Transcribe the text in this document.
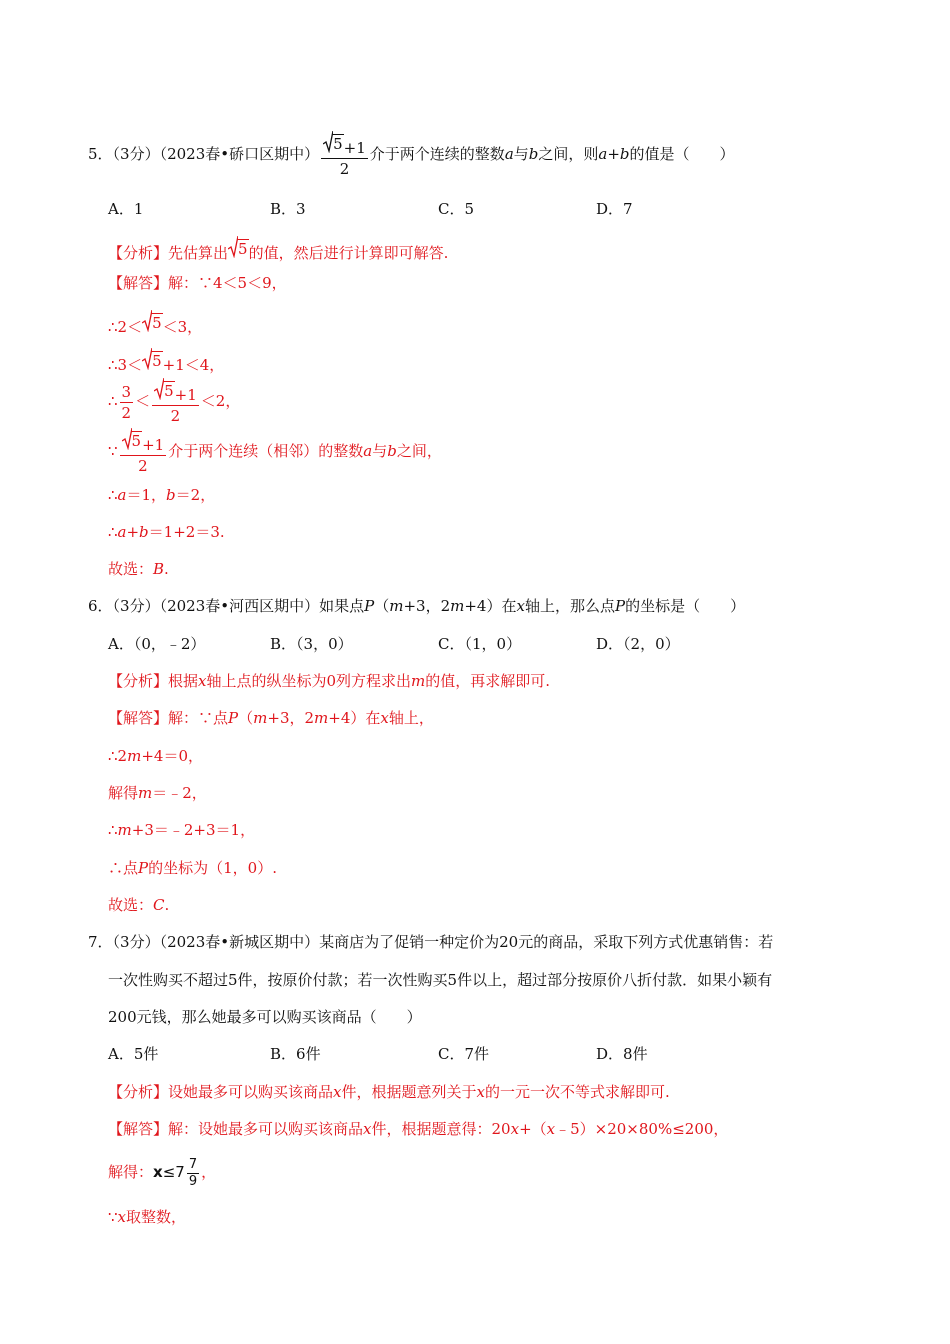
5．（3分）（2023春•硚口区期中） $\frac{5 +1}{2}$ 介于两个连续的整数a与b之间，则a+b的值是（　　）
A．1	B．3	C．5	D．7
【分析】先估算出 5 的值，然后进行计算即可解答.
【解答】解：∵4＜5＜9，
∴2＜ 5 ＜3，
∴3＜ 5 +1＜4，
∴ $\frac{3}{2} < \frac{5 +1}{2} <2$，
∵ $\frac{5 +1}{2}$ 介于两个连续（相邻）的整数a与b之间，
∴a＝1，b＝2，
∴a+b＝1+2＝3.
故选：B.
6．（3分）（2023春•河西区期中）如果点P（m+3，2m+4）在x轴上，那么点P的坐标是（　　）
A．（0，﹣2）	B．（3，0）	C．（1，0）	D．（2，0）
【分析】根据x轴上点的纵坐标为0列方程求出m的值，再求解即可.
【解答】解：∵点P（m+3，2m+4）在x轴上，
∴2m+4＝0，
解得m＝﹣2，
∴m+3＝﹣2+3＝1，
∴点P的坐标为（1，0）.
故选：C.
7．（3分）（2023春•新城区期中）某商店为了促销一种定价为20元的商品，采取下列方式优惠销售：若
一次性购买不超过5件，按原价付款；若一次性购买5件以上，超过部分按原价八折付款．如果小颖有
200元钱，那么她最多可以购买该商品（　　）
A．5件	B．6件	C．7件	D．8件
【分析】设她最多可以购买该商品x件，根据题意列关于x的一元一次不等式求解即可.
【解答】解：设她最多可以购买该商品x件，根据题意得：20x+（x﹣5）×20×80%≤200，
解得：$x\le 7 \frac{7}{9}$ ，
∵x取整数，
